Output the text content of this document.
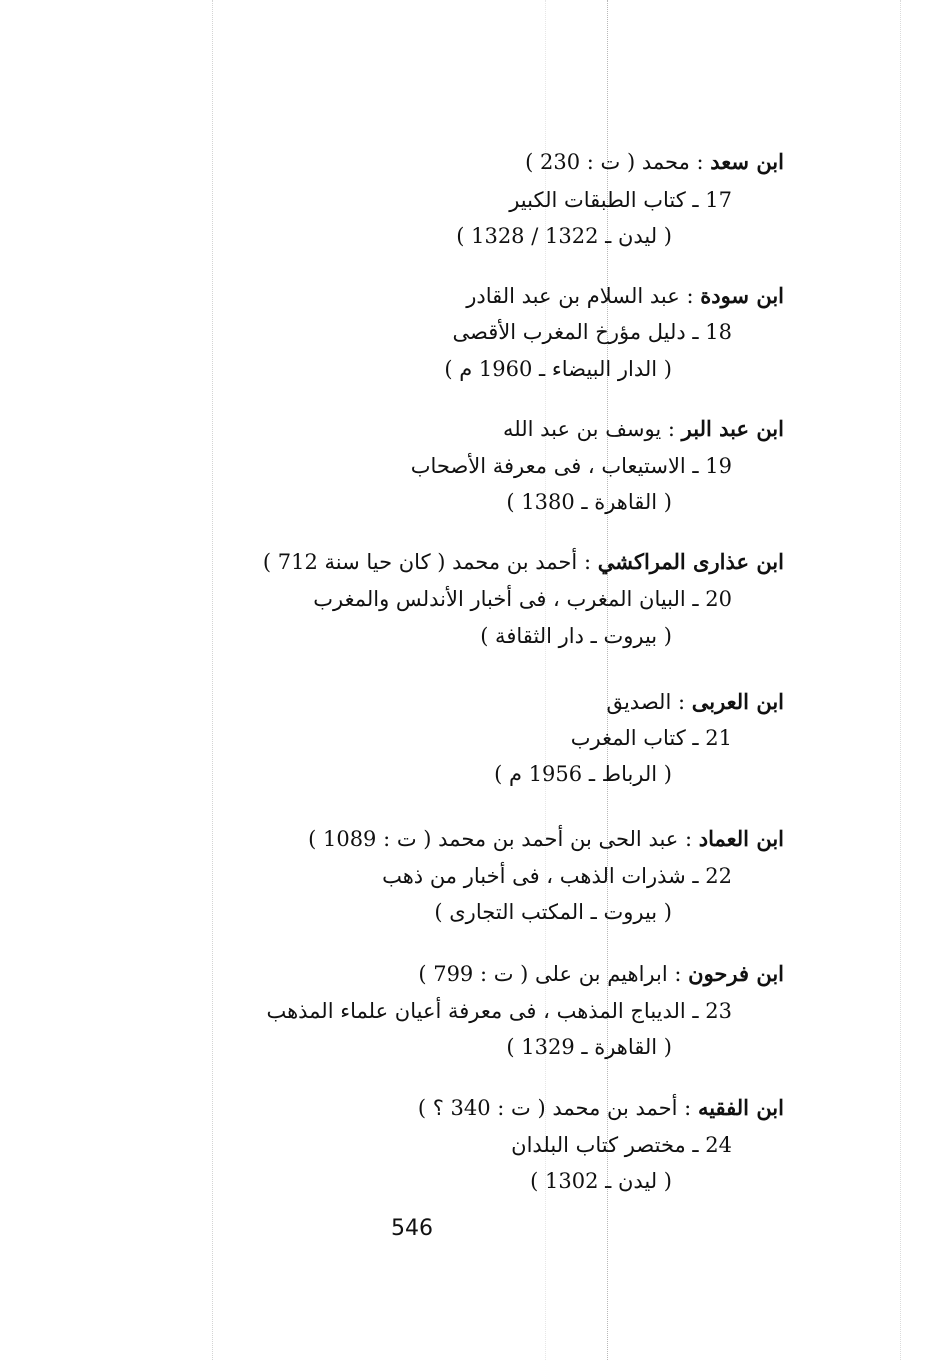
ابن سعد : محمد ( ت : 230 )
17 ـ كتاب الطبقات الكبير
( ليدن ـ 1322 / 1328 )
ابن سودة : عبد السلام بن عبد القادر
18 ـ دليل مؤرخ المغرب الأقصى
( الدار البيضاء ـ 1960 م )
ابن عبد البر : يوسف بن عبد الله
19 ـ الاستيعاب ، فى معرفة الأصحاب
( القاهرة ـ 1380 )
ابن عذارى المراكشي : أحمد بن محمد ( كان حيا سنة 712 )
20 ـ البيان المغرب ، فى أخبار الأندلس والمغرب
( بيروت ـ دار الثقافة )
ابن العربى : الصديق
21 ـ كتاب المغرب
( الرباط ـ 1956 م )
ابن العماد : عبد الحى بن أحمد بن محمد ( ت : 1089 )
22 ـ شذرات الذهب ، فى أخبار من ذهب
( بيروت ـ المكتب التجارى )
ابن فرحون : ابراهيم بن على ( ت : 799 )
23 ـ الديباج المذهب ، فى معرفة أعيان علماء المذهب
( القاهرة ـ 1329 )
ابن الفقيه : أحمد بن محمد ( ت : 340 ؟ )
24 ـ مختصر كتاب البلدان
( ليدن ـ 1302 )
546
